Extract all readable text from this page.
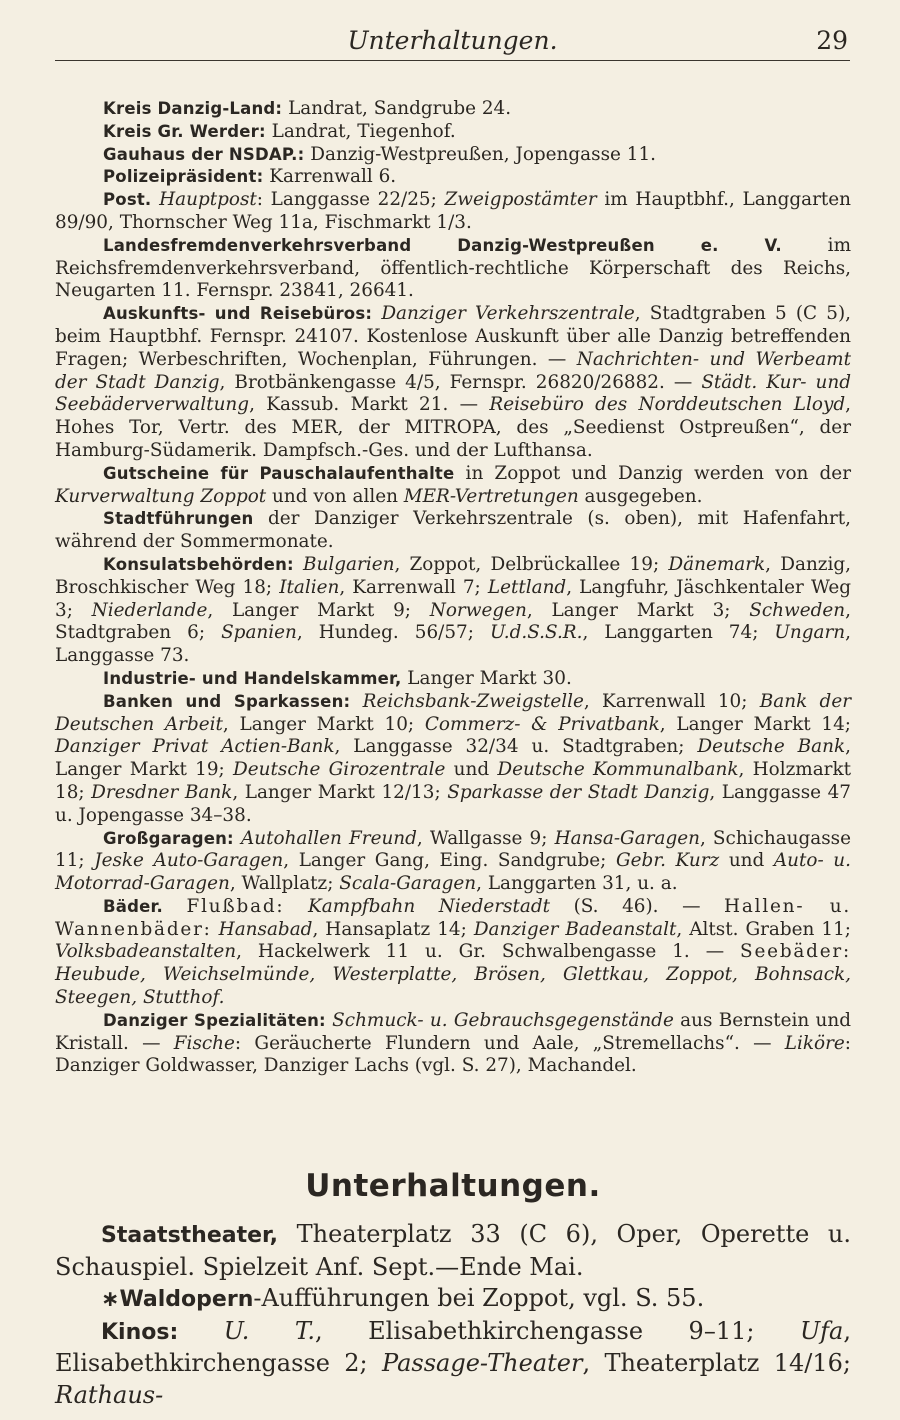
Unterhaltungen.	29

Kreis Danzig-Land: Landrat, Sandgrube 24.

Kreis Gr. Werder: Landrat, Tiegenhof.

Gauhaus der NSDAP.: Danzig-Westpreußen, Jopengasse 11.

Polizeipräsident: Karrenwall 6.

Post. Hauptpost: Langgasse 22/25; Zweigpostämter im Hauptbhf., Langgarten 89/90, Thornscher Weg 11a, Fischmarkt 1/3.

Landesfremdenverkehrsverband Danzig-Westpreußen e. V. im Reichsfremdenverkehrsverband, öffentlich-rechtliche Körperschaft des Reichs, Neugarten 11. Fernspr. 23841, 26641.

Auskunfts- und Reisebüros: Danziger Verkehrszentrale, Stadtgraben 5 (C 5), beim Hauptbhf. Fernspr. 24107. Kostenlose Auskunft über alle Danzig betreffenden Fragen; Werbeschriften, Wochenplan, Führungen. — Nachrichten- und Werbeamt der Stadt Danzig, Brotbänkengasse 4/5, Fernspr. 26820/26882. — Städt. Kur- und Seebäderverwaltung, Kassub. Markt 21. — Reisebüro des Norddeutschen Lloyd, Hohes Tor, Vertr. des MER, der MITROPA, des „Seedienst Ostpreußen“, der Hamburg-Südamerik. Dampfsch.-Ges. und der Lufthansa.

Gutscheine für Pauschalaufenthalte in Zoppot und Danzig werden von der Kurverwaltung Zoppot und von allen MER-Vertretungen ausgegeben.

Stadtführungen der Danziger Verkehrszentrale (s. oben), mit Hafenfahrt, während der Sommermonate.

Konsulatsbehörden: Bulgarien, Zoppot, Delbrückallee 19; Dänemark, Danzig, Broschkischer Weg 18; Italien, Karrenwall 7; Lettland, Langfuhr, Jäschkentaler Weg 3; Niederlande, Langer Markt 9; Norwegen, Langer Markt 3; Schweden, Stadtgraben 6; Spanien, Hundeg. 56/57; U.d.S.S.R., Langgarten 74; Ungarn, Langgasse 73.

Industrie- und Handelskammer, Langer Markt 30.

Banken und Sparkassen: Reichsbank-Zweigstelle, Karrenwall 10; Bank der Deutschen Arbeit, Langer Markt 10; Commerz- & Privatbank, Langer Markt 14; Danziger Privat Actien-Bank, Langgasse 32/34 u. Stadtgraben; Deutsche Bank, Langer Markt 19; Deutsche Girozentrale und Deutsche Kommunalbank, Holzmarkt 18; Dresdner Bank, Langer Markt 12/13; Sparkasse der Stadt Danzig, Langgasse 47 u. Jopengasse 34–38.

Großgaragen: Autohallen Freund, Wallgasse 9; Hansa-Garagen, Schichaugasse 11; Jeske Auto-Garagen, Langer Gang, Eing. Sandgrube; Gebr. Kurz und Auto- u. Motorrad-Garagen, Wallplatz; Scala-Garagen, Langgarten 31, u. a.

Bäder. Flußbad: Kampfbahn Niederstadt (S. 46). — Hallen- u. Wannenbäder: Hansabad, Hansaplatz 14; Danziger Badeanstalt, Altst. Graben 11; Volksbadeanstalten, Hackelwerk 11 u. Gr. Schwalbengasse 1. — Seebäder: Heubude, Weichselmünde, Westerplatte, Brösen, Glettkau, Zoppot, Bohnsack, Steegen, Stutthof.

Danziger Spezialitäten: Schmuck- u. Gebrauchsgegenstände aus Bernstein und Kristall. — Fische: Geräucherte Flundern und Aale, „Stremellachs“. — Liköre: Danziger Goldwasser, Danziger Lachs (vgl. S. 27), Machandel.

Unterhaltungen.

Staatstheater, Theaterplatz 33 (C 6), Oper, Operette u. Schauspiel. Spielzeit Anf. Sept.—Ende Mai.

∗Waldopern-Aufführungen bei Zoppot, vgl. S. 55.

Kinos: U. T., Elisabethkirchengasse 9–11; Ufa, Elisabethkirchengasse 2; Passage-Theater, Theaterplatz 14/16; Rathaus-
